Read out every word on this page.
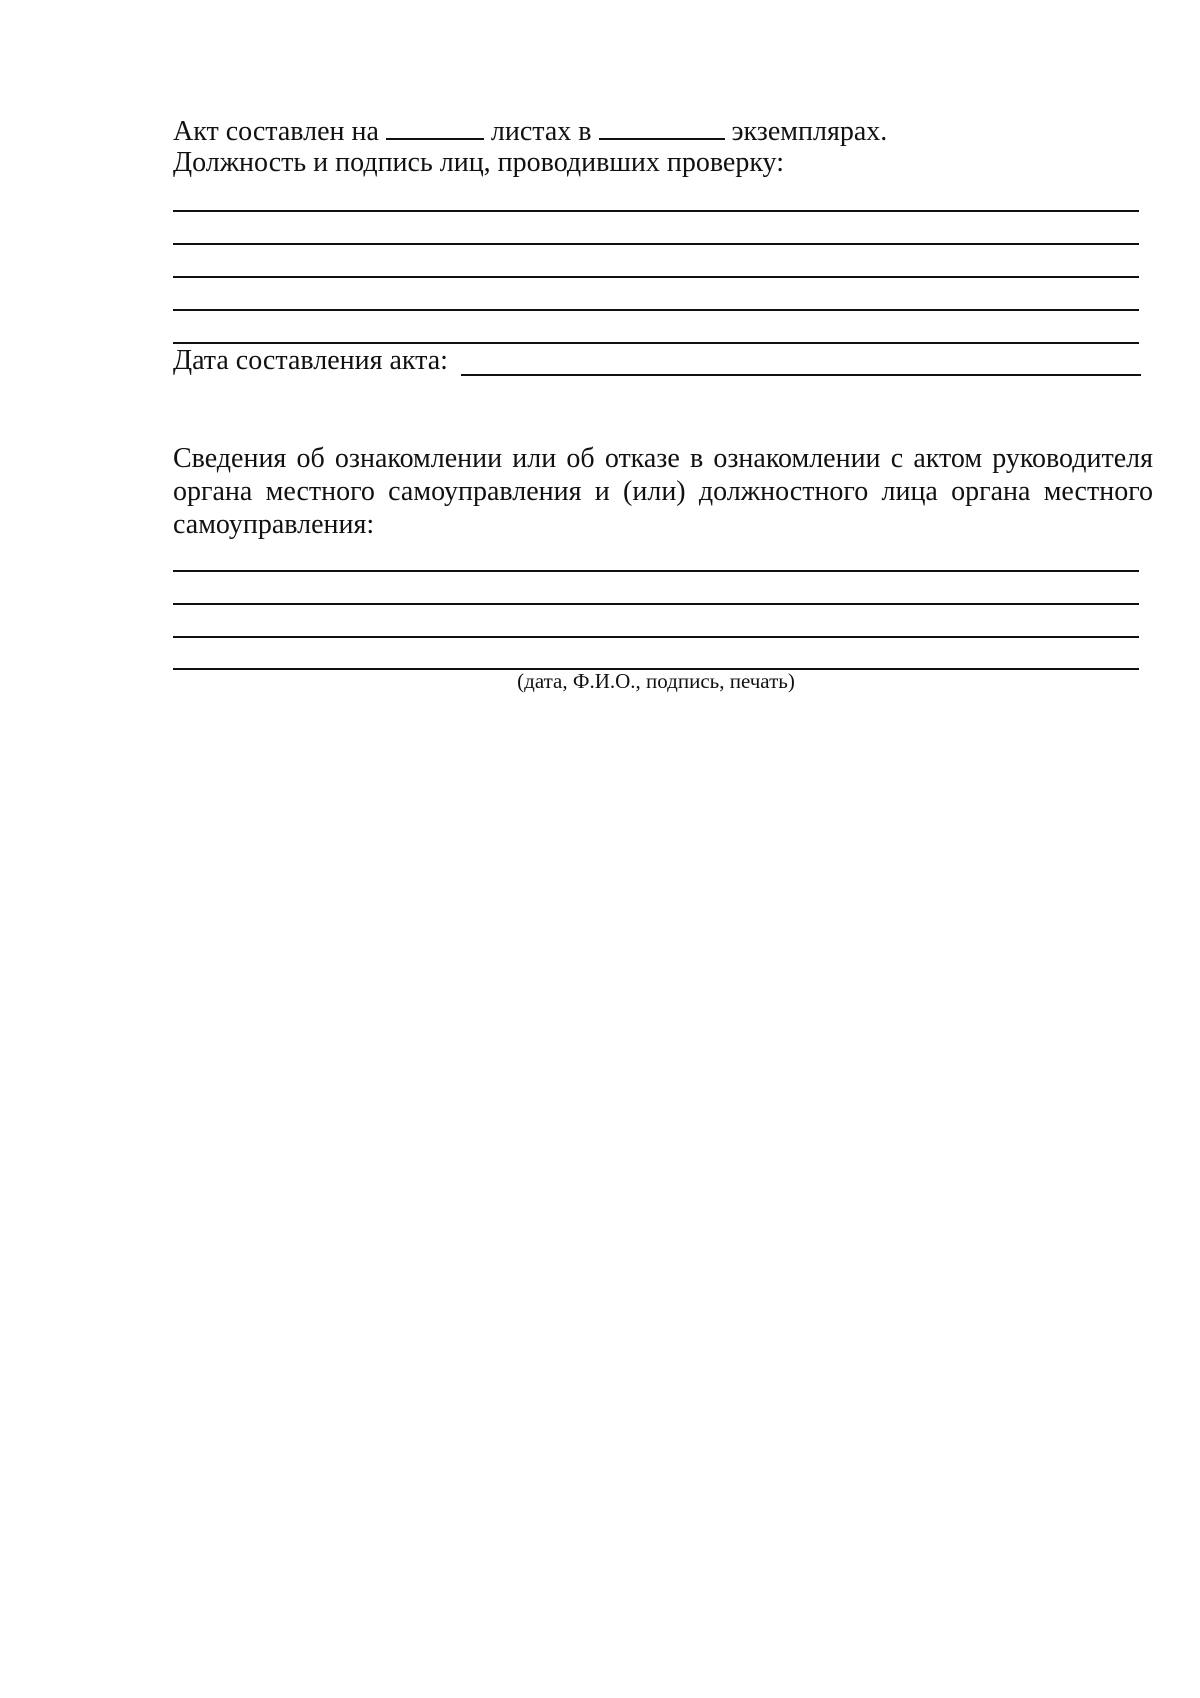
Акт составлен на	листах в	экземплярах.
Должность и подпись лиц, проводивших проверку:
Дата составления акта:
Сведения об ознакомлении или об отказе в ознакомлении с актом руководителя органа местного самоуправления и (или) должностного лица органа местного самоуправления:
(дата, Ф.И.О., подпись, печать)
